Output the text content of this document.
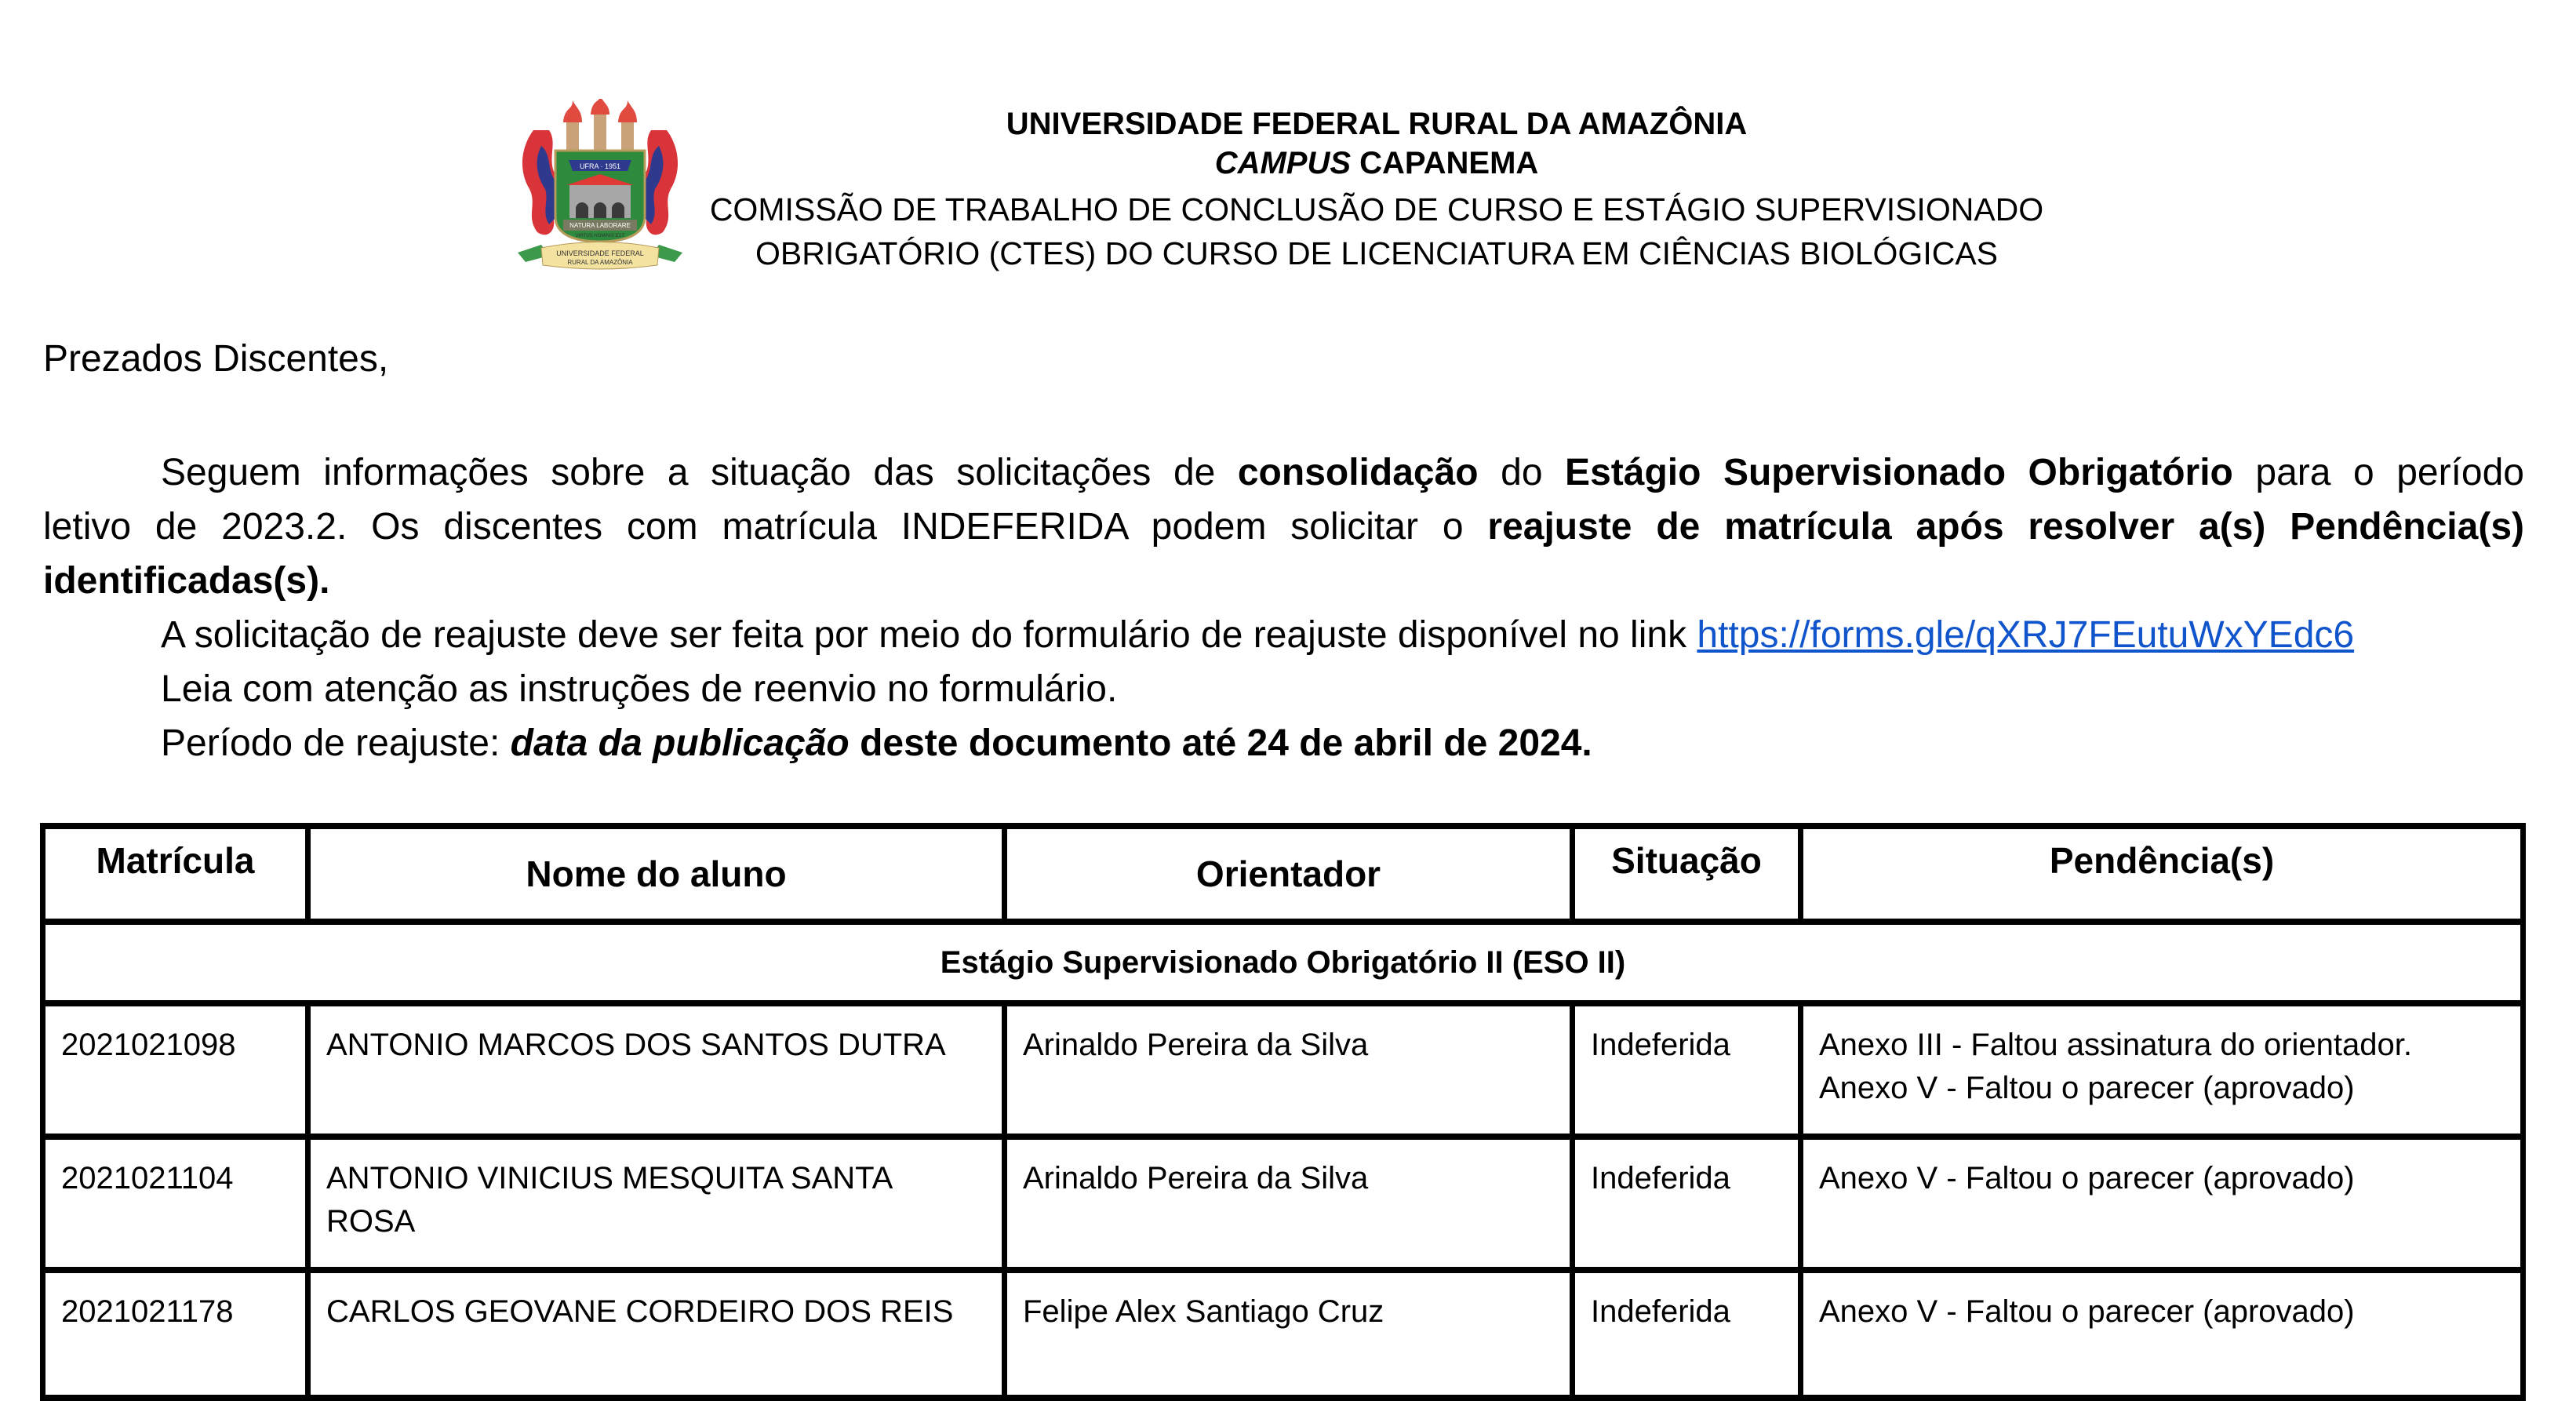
UFRA · 1951
NATURA LABORARE
VIRTUS HOMINIS EST
UNIVERSIDADE FEDERAL
RURAL DA AMAZÔNIA
UNIVERSIDADE FEDERAL RURAL DA AMAZÔNIA
CAMPUS CAPANEMA
COMISSÃO DE TRABALHO DE CONCLUSÃO DE CURSO E ESTÁGIO SUPERVISIONADO
OBRIGATÓRIO (CTES) DO CURSO DE LICENCIATURA EM CIÊNCIAS BIOLÓGICAS
Prezados Discentes,
Seguem informações sobre a situação das solicitações de consolidação do Estágio Supervisionado Obrigatório para o período
letivo de 2023.2. Os discentes com matrícula INDEFERIDA podem solicitar o reajuste de matrícula após resolver a(s) Pendência(s)
identificadas(s).
A solicitação de reajuste deve ser feita por meio do formulário de reajuste disponível no link https://forms.gle/qXRJ7FEutuWxYEdc6
Leia com atenção as instruções de reenvio no formulário.
Período de reajuste: data da publicação deste documento até 24 de abril de 2024.
Matrícula	Nome do aluno	Orientador	Situação	Pendência(s)
Estágio Supervisionado Obrigatório II (ESO II)				
2021021098	ANTONIO MARCOS DOS SANTOS DUTRA	Arinaldo Pereira da Silva	Indeferida	Anexo III - Faltou assinatura do orientador.
Anexo V - Faltou o parecer (aprovado)

2021021104	ANTONIO VINICIUS MESQUITA SANTA ROSA	Arinaldo Pereira da Silva	Indeferida	Anexo V - Faltou o parecer (aprovado)

2021021178	CARLOS GEOVANE CORDEIRO DOS REIS	Felipe Alex Santiago Cruz	Indeferida	Anexo V - Faltou o parecer (aprovado)
